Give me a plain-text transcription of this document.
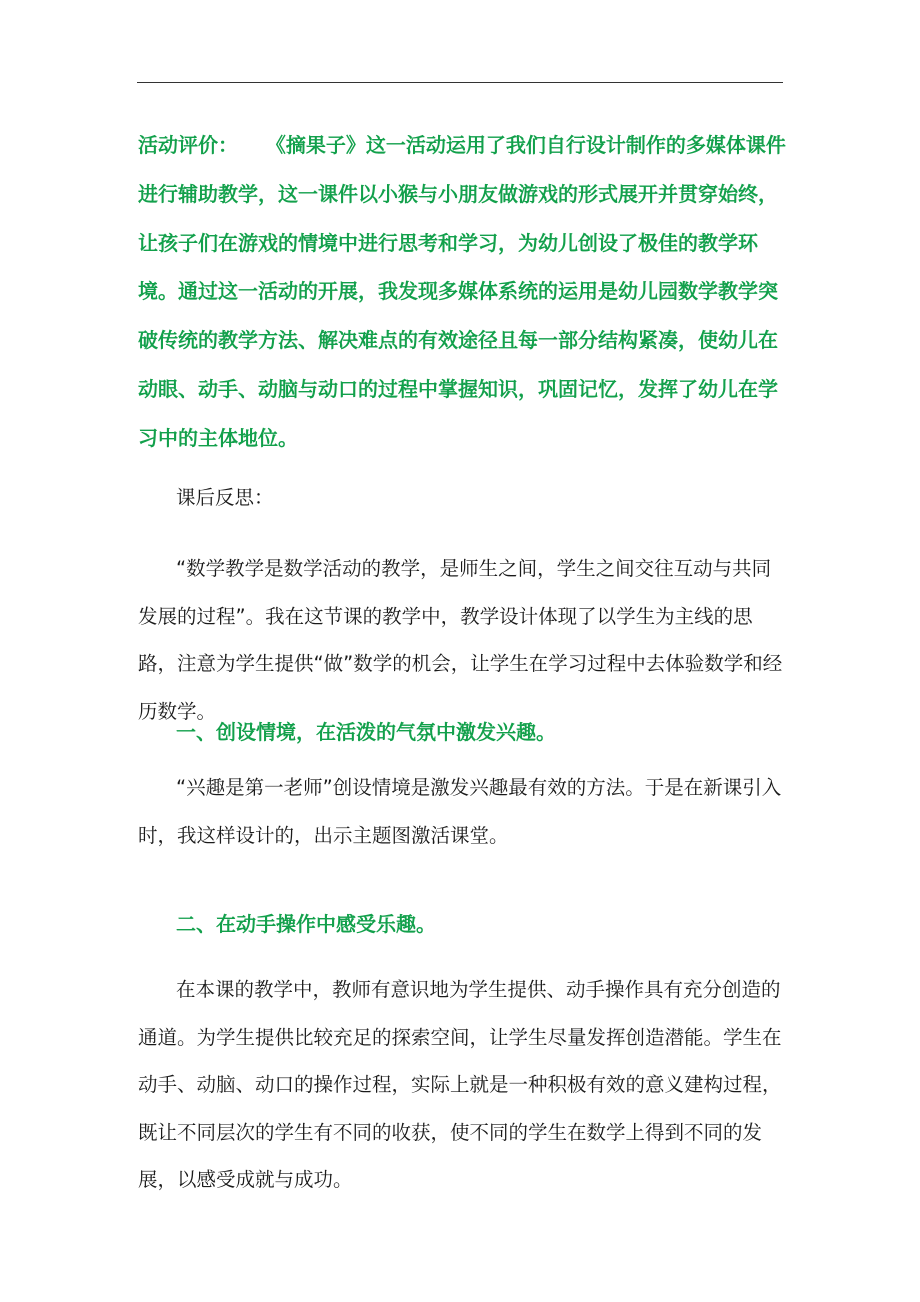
活动评价： 《摘果子》这一活动运用了我们自行设计制作的多媒体课件进行辅助教学，这一课件以小猴与小朋友做游戏的形式展开并贯穿始终，让孩子们在游戏的情境中进行思考和学习，为幼儿创设了极佳的教学环境。通过这一活动的开展，我发现多媒体系统的运用是幼儿园数学教学突破传统的教学方法、解决难点的有效途径且每一部分结构紧凑，使幼儿在动眼、动手、动脑与动口的过程中掌握知识，巩固记忆，发挥了幼儿在学习中的主体地位。

课后反思：

“数学教学是数学活动的教学，是师生之间，学生之间交往互动与共同发展的过程”。我在这节课的教学中，教学设计体现了以学生为主线的思路，注意为学生提供“做”数学的机会，让学生在学习过程中去体验数学和经历数学。

一、创设情境，在活泼的气氛中激发兴趣。

“兴趣是第一老师”创设情境是激发兴趣最有效的方法。于是在新课引入时，我这样设计的，出示主题图激活课堂。

二、在动手操作中感受乐趣。

在本课的教学中，教师有意识地为学生提供、动手操作具有充分创造的通道。为学生提供比较充足的探索空间，让学生尽量发挥创造潜能。学生在动手、动脑、动口的操作过程，实际上就是一种积极有效的意义建构过程，既让不同层次的学生有不同的收获，使不同的学生在数学上得到不同的发展，以感受成就与成功。
